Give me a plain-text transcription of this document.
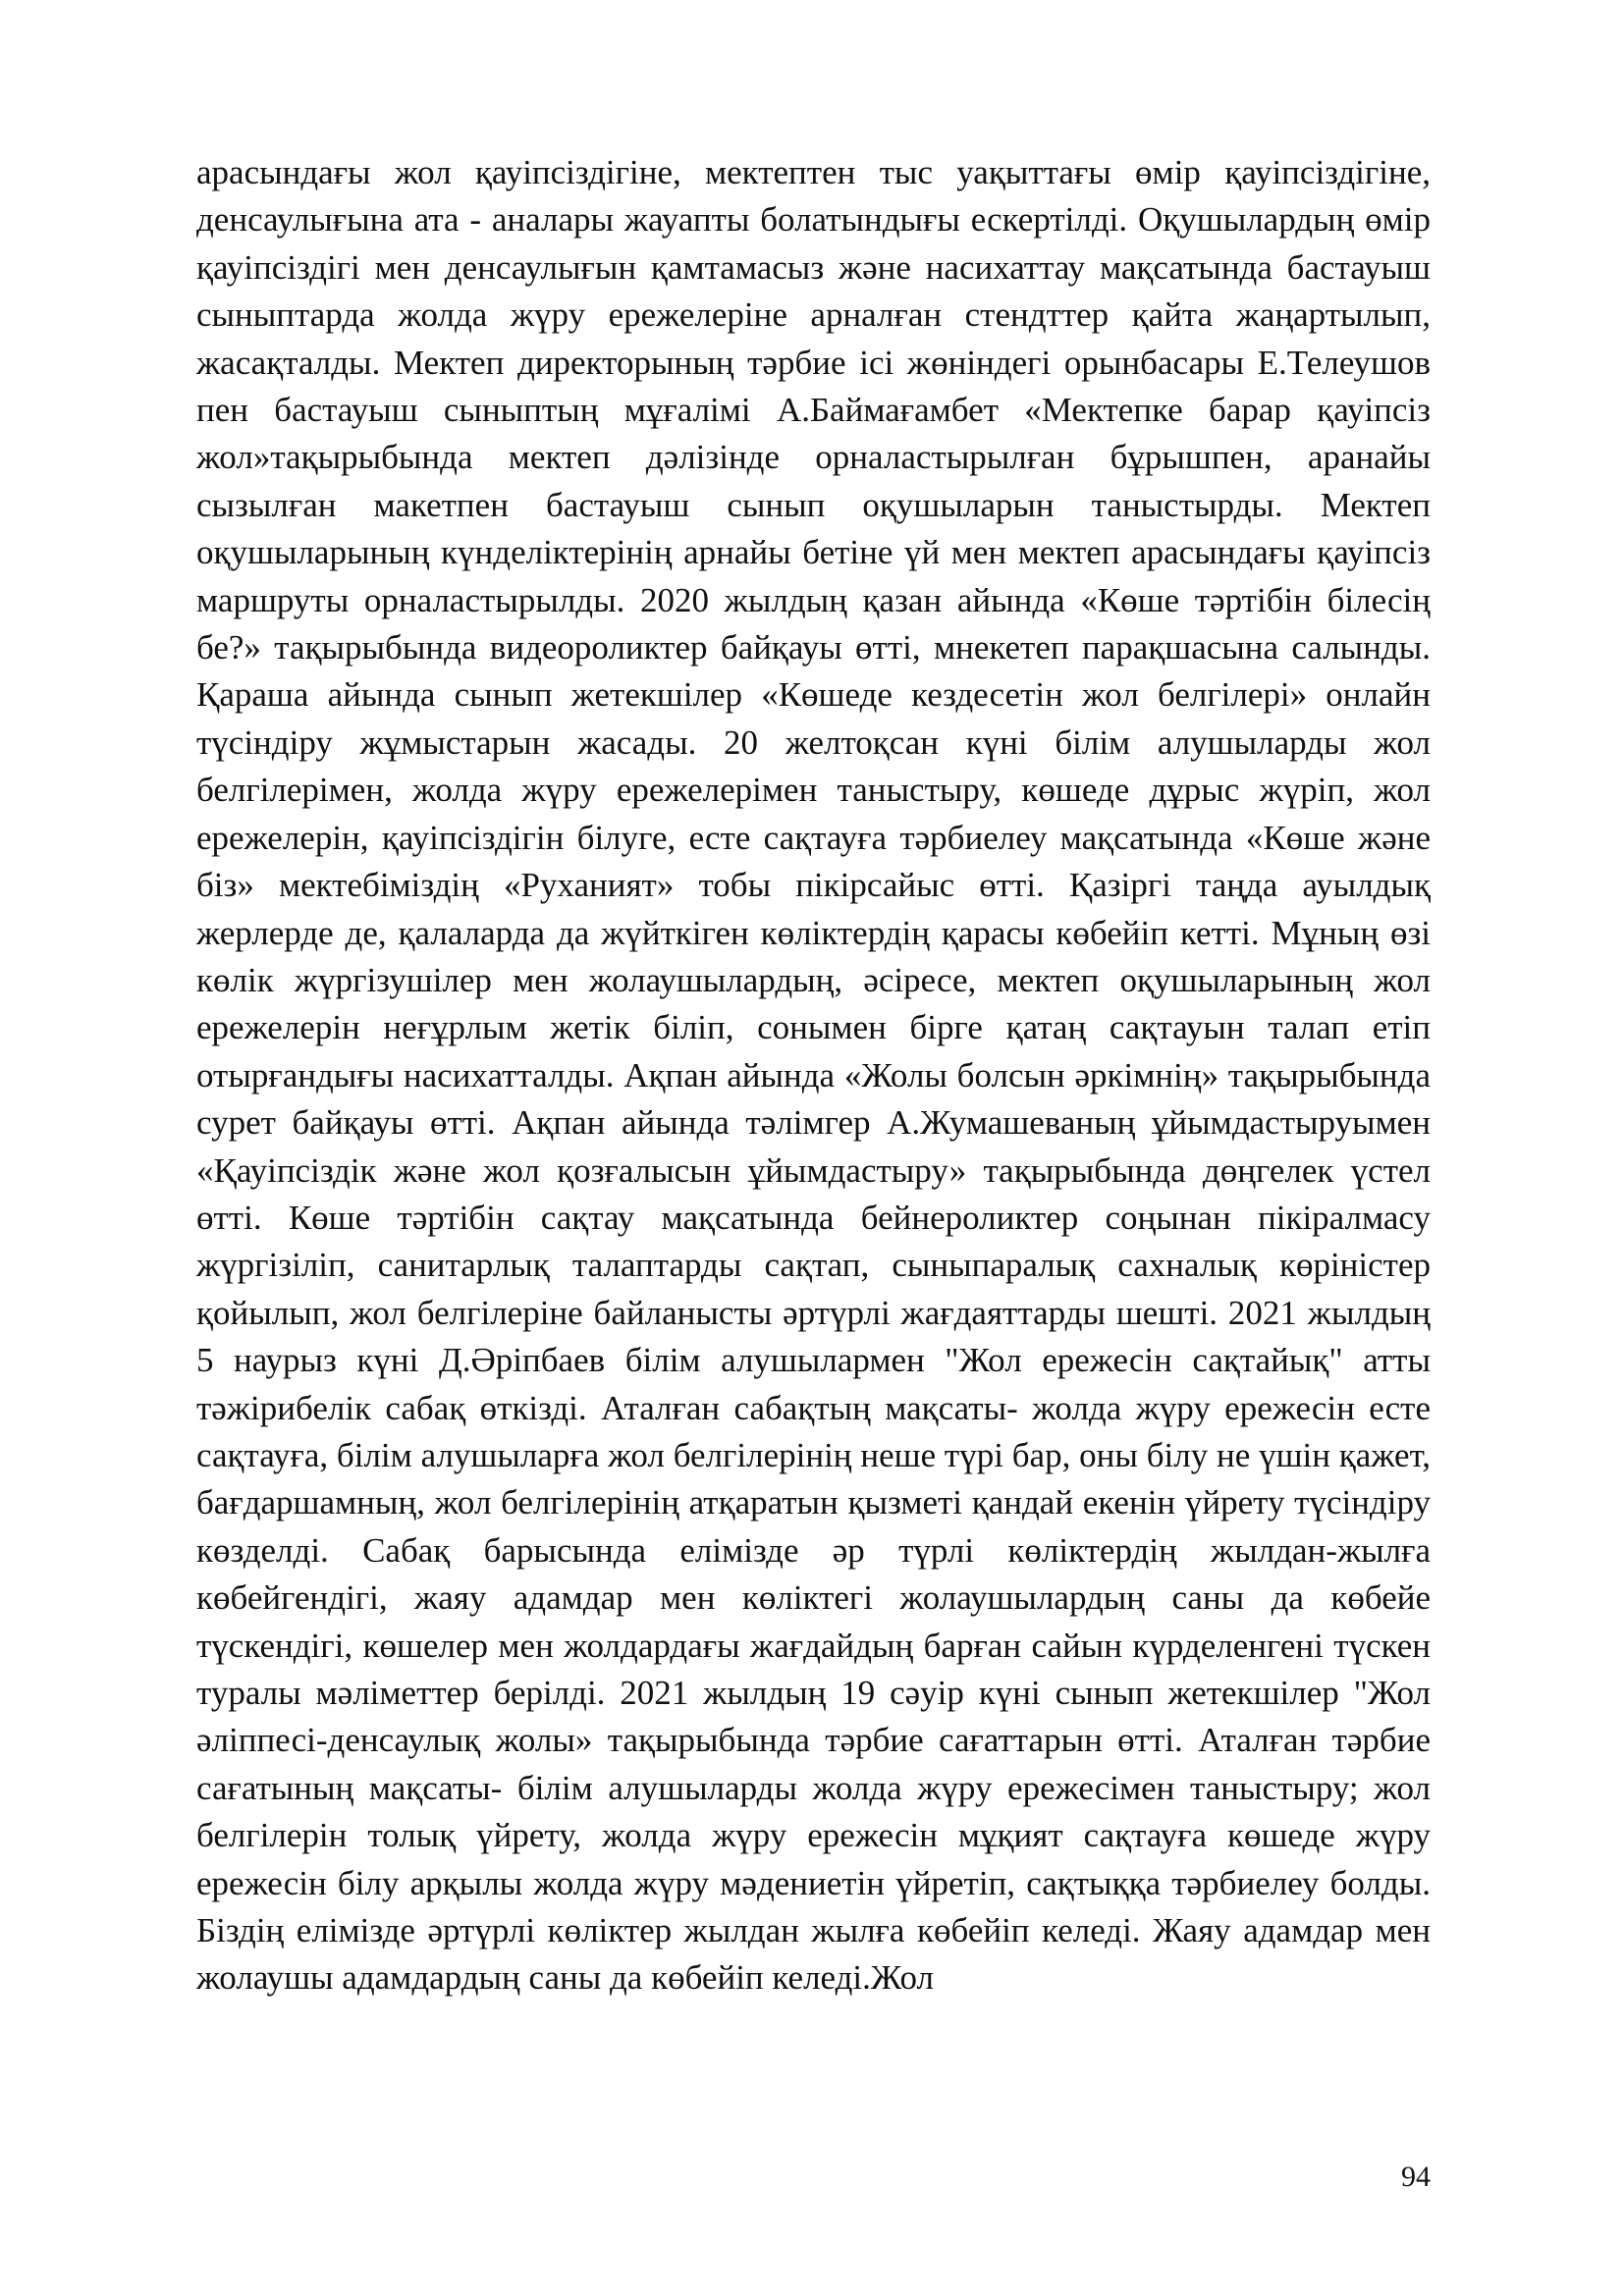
арасындағы жол қауіпсіздігіне, мектептен тыс уақыттағы өмір қауіпсіздігіне, денсаулығына ата - аналары жауапты болатындығы ескертілді. Оқушылардың өмір қауіпсіздігі мен денсаулығын қамтамасыз және насихаттау мақсатында бастауыш сыныптарда жолда жүру ережелеріне арналған стендттер қайта жаңартылып, жасақталды. Мектеп директорының тәрбие ісі жөніндегі орынбасары Е.Телеушов пен бастауыш сыныптың мұғалімі А.Баймағамбет «Мектепке барар қауіпсіз жол»тақырыбында мектеп дәлізінде орналастырылған бұрышпен, аранайы сызылған макетпен бастауыш сынып оқушыларын таныстырды. Мектеп оқушыларының күнделіктерінің арнайы бетіне үй мен мектеп арасындағы қауіпсіз маршруты орналастырылды. 2020 жылдың қазан айында «Көше тәртібін білесің бе?» тақырыбында видеороликтер байқауы өтті, мнекетеп парақшасына салынды. Қараша айында сынып жетекшілер «Көшеде кездесетін жол белгілері» онлайн түсіндіру жұмыстарын жасады. 20 желтоқсан күні білім алушыларды жол белгілерімен, жолда жүру ережелерімен таныстыру, көшеде дұрыс жүріп, жол ережелерін, қауіпсіздігін білуге, есте сақтауға тәрбиелеу мақсатында «Көше және біз» мектебіміздің «Руханият» тобы пікірсайыс өтті. Қазіргі таңда ауылдық жерлерде де, қалаларда да жүйткіген көліктердің қарасы көбейіп кетті. Мұның өзі көлік жүргізушілер мен жолаушылардың, әсіресе, мектеп оқушыларының жол ережелерін неғұрлым жетік біліп, сонымен бірге қатаң сақтауын талап етіп отырғандығы насихатталды. Ақпан айында «Жолы болсын әркімнің» тақырыбында сурет байқауы өтті. Ақпан айында тәлімгер А.Жумашеваның ұйымдастыруымен «Қауіпсіздік және жол қозғалысын ұйымдастыру» тақырыбында дөңгелек үстел өтті. Көше тәртібін сақтау мақсатында бейнероликтер соңынан пікіралмасу жүргізіліп, санитарлық талаптарды сақтап, сыныпаралық сахналық көріністер қойылып, жол белгілеріне байланысты әртүрлі жағдаяттарды шешті. 2021 жылдың 5 наурыз күні Д.Әріпбаев білім алушылармен "Жол ережесін сақтайық" атты тәжірибелік сабақ өткізді. Аталған сабақтың мақсаты- жолда жүру ережесін есте сақтауға, білім алушыларға жол белгілерінің неше түрі бар, оны білу не үшін қажет, бағдаршамның, жол белгілерінің атқаратын қызметі қандай екенін үйрету түсіндіру көзделді. Сабақ барысында елімізде әр түрлі көліктердің жылдан-жылға көбейгендігі, жаяу адамдар мен көліктегі жолаушылардың саны да көбейе түскендігі, көшелер мен жолдардағы жағдайдың барған сайын күрделенгені түскен туралы мәліметтер берілді. 2021 жылдың 19 сәуір күні сынып жетекшілер "Жол әліппесі-денсаулық жолы» тақырыбында тәрбие сағаттарын өтті. Аталған тәрбие сағатының мақсаты- білім алушыларды жолда жүру ережесімен таныстыру; жол белгілерін толық үйрету, жолда жүру ережесін мұқият сақтауға көшеде жүру ережесін білу арқылы жолда жүру мәдениетін үйретіп, сақтыққа тәрбиелеу болды. Біздің елімізде әртүрлі көліктер жылдан жылға көбейіп келеді. Жаяу адамдар мен жолаушы адамдардың саны да көбейіп келеді.Жол

94
